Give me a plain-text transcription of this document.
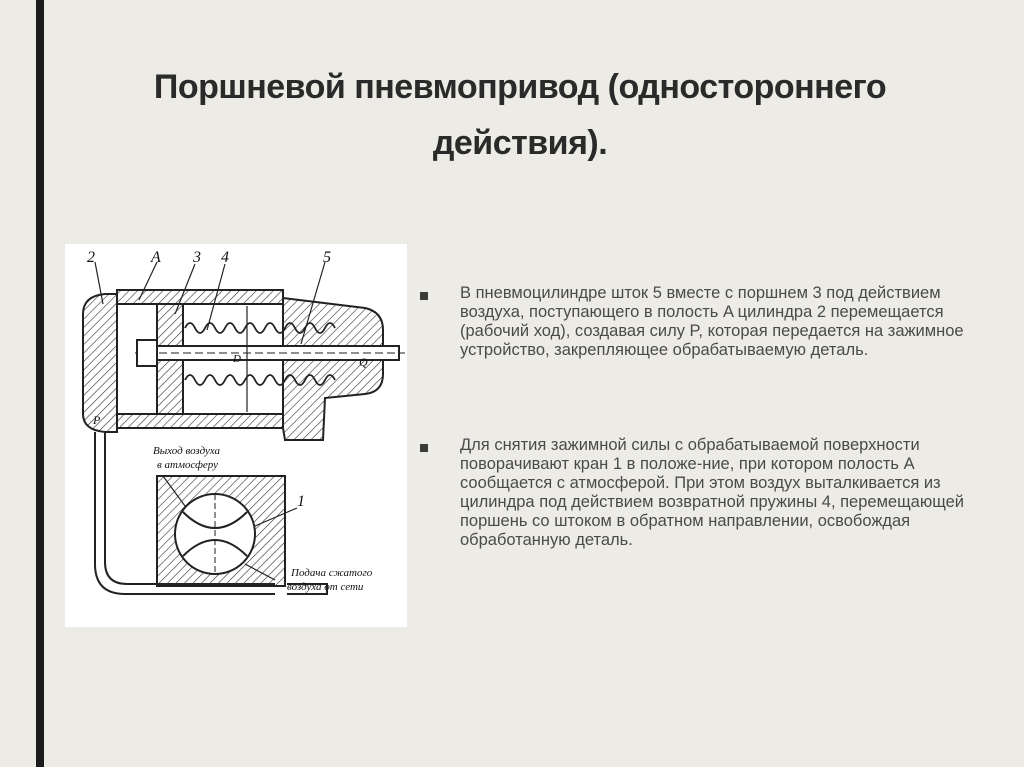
Поршневой пневмопривод (одностороннего
действия).
2	A 3 4	5
1
D	Q
P
Выход воздуха
в атмосферу
Подача сжатого
воздуха от сети
В пневмоцилиндре шток 5 вместе с поршнем 3 под действием воздуха, поступающего в полость A цилиндра 2 перемещается (рабочий ход), создавая силу P, которая передается на зажимное устройство, закрепляющее обрабатываемую деталь.
Для снятия зажимной силы с обрабатываемой поверхности поворачивают кран 1 в положе-ние, при котором полость A сообщается с атмосферой. При этом воздух выталкивается из цилиндра под действием возвратной пружины 4, перемещающей поршень со штоком в обратном направлении, освобождая обработанную деталь.
